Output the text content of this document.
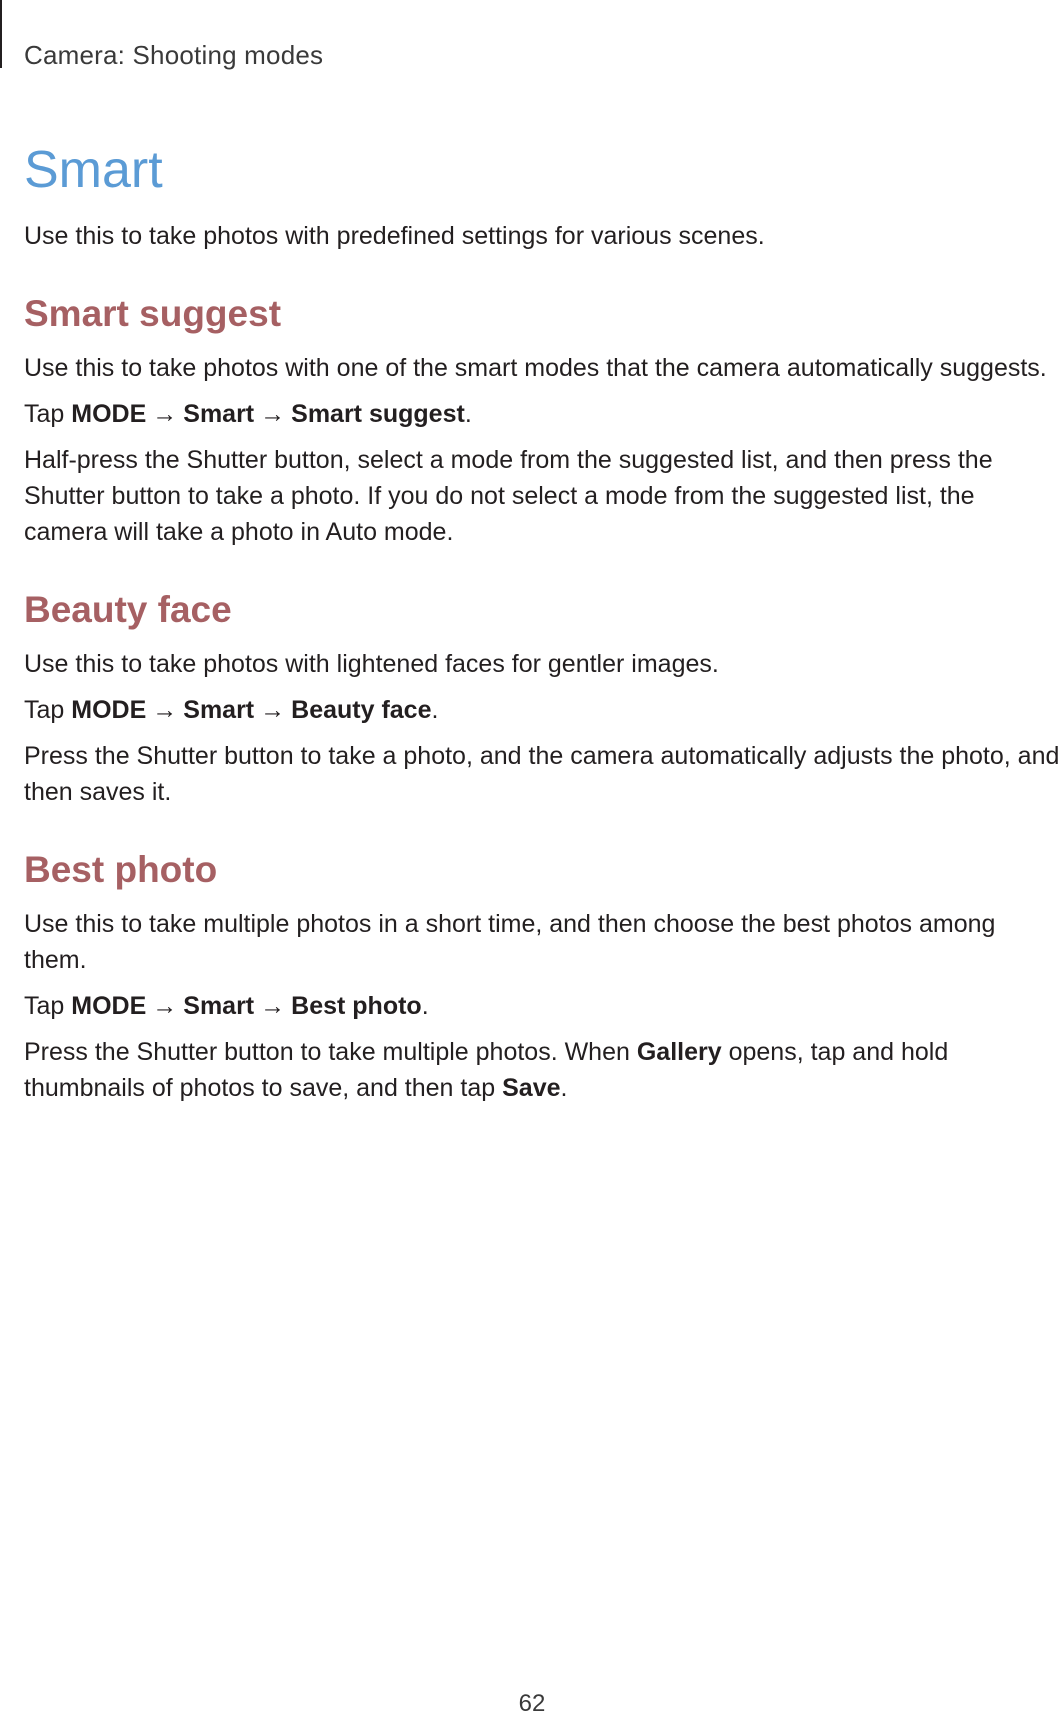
Camera: Shooting modes
Smart

Use this to take photos with predefined settings for various scenes.

Smart suggest

Use this to take photos with one of the smart modes that the camera automatically suggests.

Tap MODE → Smart → Smart suggest.

Half-press the Shutter button, select a mode from the suggested list, and then press the Shutter button to take a photo. If you do not select a mode from the suggested list, the camera will take a photo in Auto mode.

Beauty face

Use this to take photos with lightened faces for gentler images.

Tap MODE → Smart → Beauty face.

Press the Shutter button to take a photo, and the camera automatically adjusts the photo, and then saves it.

Best photo

Use this to take multiple photos in a short time, and then choose the best photos among them.

Tap MODE → Smart → Best photo.

Press the Shutter button to take multiple photos. When Gallery opens, tap and hold thumbnails of photos to save, and then tap Save.

62
